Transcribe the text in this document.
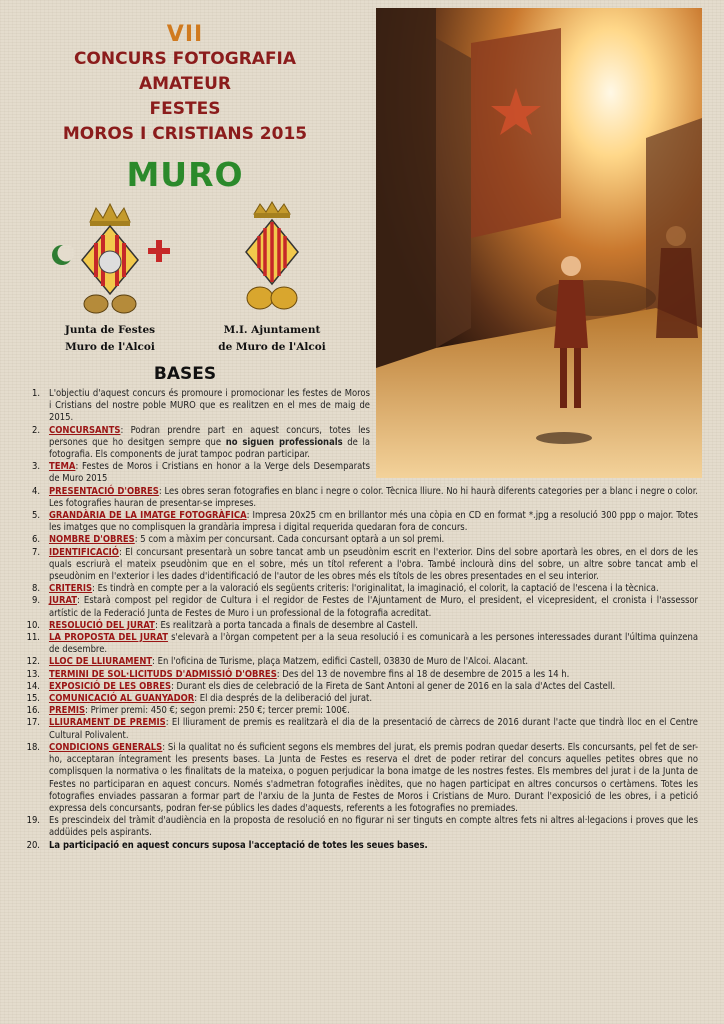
VII
CONCURS FOTOGRAFIA
AMATEUR
FESTES
MOROS I CRISTIANS 2015
MURO
Junta de Festes
Muro de l'Alcoi
M.I. Ajuntament
de Muro de l'Alcoi
BASES
1. L'objectiu d'aquest concurs és promoure i promocionar les festes de Moros i Cristians del nostre poble MURO que es realitzen en el mes de maig de 2015.
2. CONCURSANTS: Podran prendre part en aquest concurs, totes les persones que ho desitgen sempre que no siguen professionals de la fotografia. Els components de jurat tampoc podran participar.
3. TEMA: Festes de Moros i Cristians en honor a la Verge dels Desemparats de Muro 2015
4. PRESENTACIÓ D'OBRES: Les obres seran fotografies en blanc i negre o color. Tècnica lliure. No hi haurà diferents categories per a blanc i negre o color. Les fotografies hauran de presentar-se impreses.
5. GRANDÀRIA DE LA IMATGE FOTOGRÀFICA: Impresa 20x25 cm en brillantor més una còpia en CD en format *.jpg a resolució 300 ppp o major. Totes les imatges que no complisquen la grandària impresa i digital requerida quedaran fora de concurs.
6. NOMBRE D'OBRES: 5 com a màxim per concursant. Cada concursant optarà a un sol premi.
7. IDENTIFICACIÓ: El concursant presentarà un sobre tancat amb un pseudònim escrit en l'exterior. Dins del sobre aportarà les obres, en el dors de les quals escriurà el mateix pseudònim que en el sobre, més un títol referent a l'obra. També inclourà dins del sobre, un altre sobre tancat amb el pseudònim en l'exterior i les dades d'identificació de l'autor de les obres més els títols de les obres presentades en el seu interior.
8. CRITERIS: Es tindrà en compte per a la valoració els següents criteris: l'originalitat, la imaginació, el colorit, la captació de l'escena i la tècnica.
9. JURAT: Estarà compost pel regidor de Cultura i el regidor de Festes de l'Ajuntament de Muro, el president, el vicepresident, el cronista i l'assessor artístic de la Federació Junta de Festes de Muro i un professional de la fotografia acreditat.
10. RESOLUCIÓ DEL JURAT: Es realitzarà a porta tancada a finals de desembre al Castell.
11. LA PROPOSTA DEL JURAT s'elevarà a l'òrgan competent per a la seua resolució i es comunicarà a les persones interessades durant l'última quinzena de desembre.
12. LLOC DE LLIURAMENT: En l'oficina de Turisme, plaça Matzem, edifici Castell, 03830 de Muro de l'Alcoi. Alacant.
13. TERMINI DE SOL·LICITUDS D'ADMISSIÓ D'OBRES: Des del 13 de novembre fins al 18 de desembre de 2015 a les 14 h.
14. EXPOSICIÓ DE LES OBRES: Durant els dies de celebració de la Fireta de Sant Antoni al gener de 2016 en la sala d'Actes del Castell.
15. COMUNICACIÓ AL GUANYADOR: El dia després de la deliberació del jurat.
16. PREMIS: Primer premi: 450 €; segon premi: 250 €; tercer premi: 100€.
17. LLIURAMENT DE PREMIS: El lliurament de premis es realitzarà el dia de la presentació de càrrecs de 2016 durant l'acte que tindrà lloc en el Centre Cultural Polivalent.
18. CONDICIONS GENERALS: Si la qualitat no és suficient segons els membres del jurat, els premis podran quedar deserts. Els concursants, pel fet de ser-ho, acceptaran íntegrament les presents bases. La Junta de Festes es reserva el dret de poder retirar del concurs aquelles petites obres que no complisquen la normativa o les finalitats de la mateixa, o poguen perjudicar la bona imatge de les nostres festes. Els membres del jurat i de la Junta de Festes no participaran en aquest concurs. Només s'admetran fotografies inèdites, que no hagen participat en altres concursos o certàmens. Totes les fotografies enviades passaran a formar part de l'arxiu de la Junta de Festes de Moros i Cristians de Muro. Durant l'exposició de les obres, i a petició expressa dels concursants, podran fer-se públics les dades d'aquests, referents a les fotografies no premiades.
19. Es prescindeix del tràmit d'audiència en la proposta de resolució en no figurar ni ser tinguts en compte altres fets ni altres al·legacions i proves que les addüides pels aspirants.
20. La participació en aquest concurs suposa l'acceptació de totes les seues bases.
